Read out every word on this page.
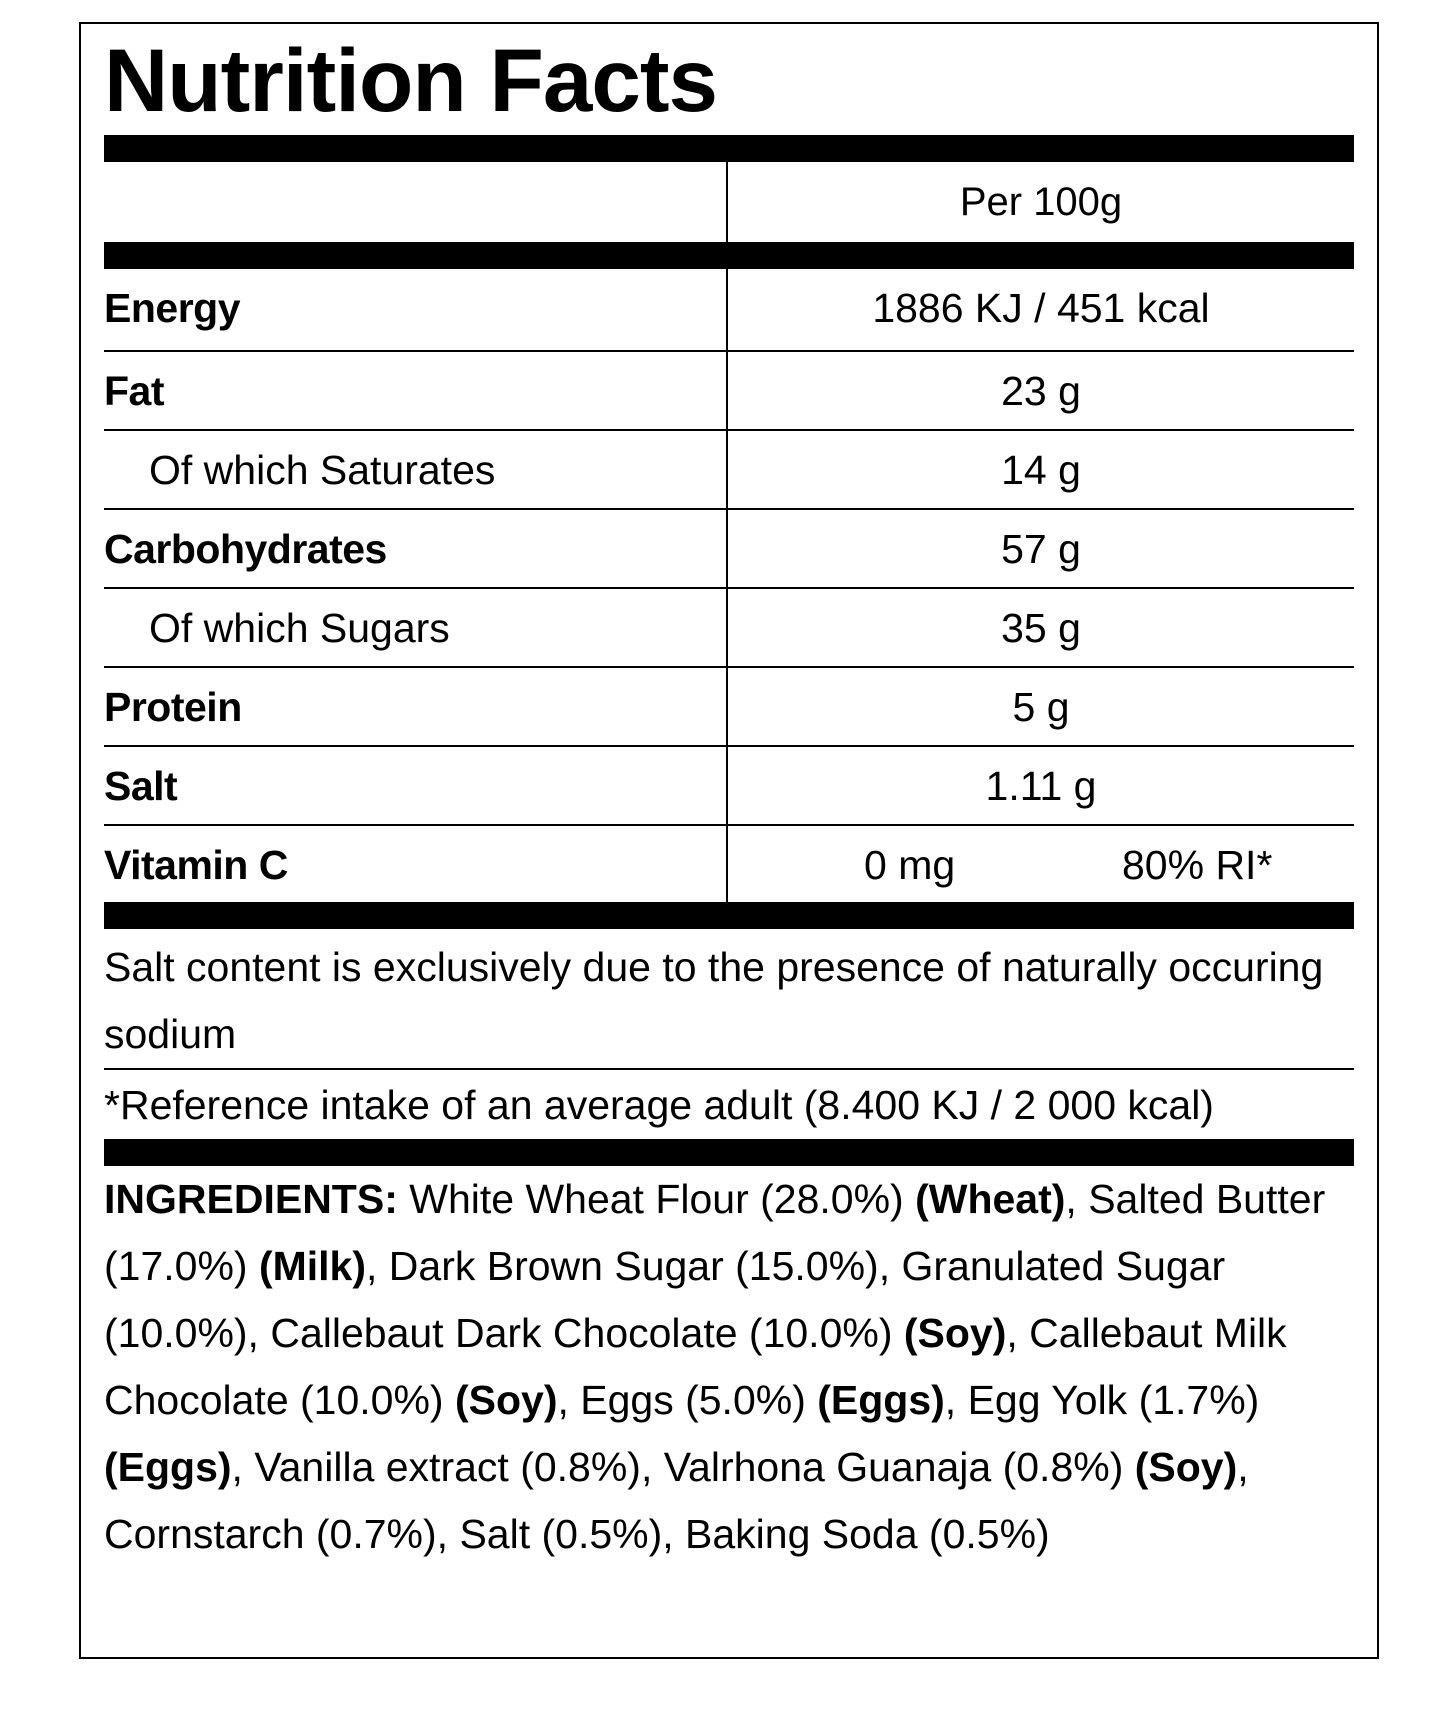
Nutrition Facts
Per 100g
Energy	1886 KJ / 451 kcal
Fat	23 g
Of which Saturates	14 g
Carbohydrates	57 g
Of which Sugars	35 g
Protein	5 g
Salt	1.11 g
Vitamin C	0 mg	80% RI*
Salt content is exclusively due to the presence of naturally occuring sodium
*Reference intake of an average adult (8.400 KJ / 2 000 kcal)
INGREDIENTS: White Wheat Flour (28.0%) (Wheat), Salted Butter (17.0%) (Milk), Dark Brown Sugar (15.0%), Granulated Sugar (10.0%), Callebaut Dark Chocolate (10.0%) (Soy), Callebaut Milk Chocolate (10.0%) (Soy), Eggs (5.0%) (Eggs), Egg Yolk (1.7%) (Eggs), Vanilla extract (0.8%), Valrhona Guanaja (0.8%) (Soy), Cornstarch (0.7%), Salt (0.5%), Baking Soda (0.5%)
